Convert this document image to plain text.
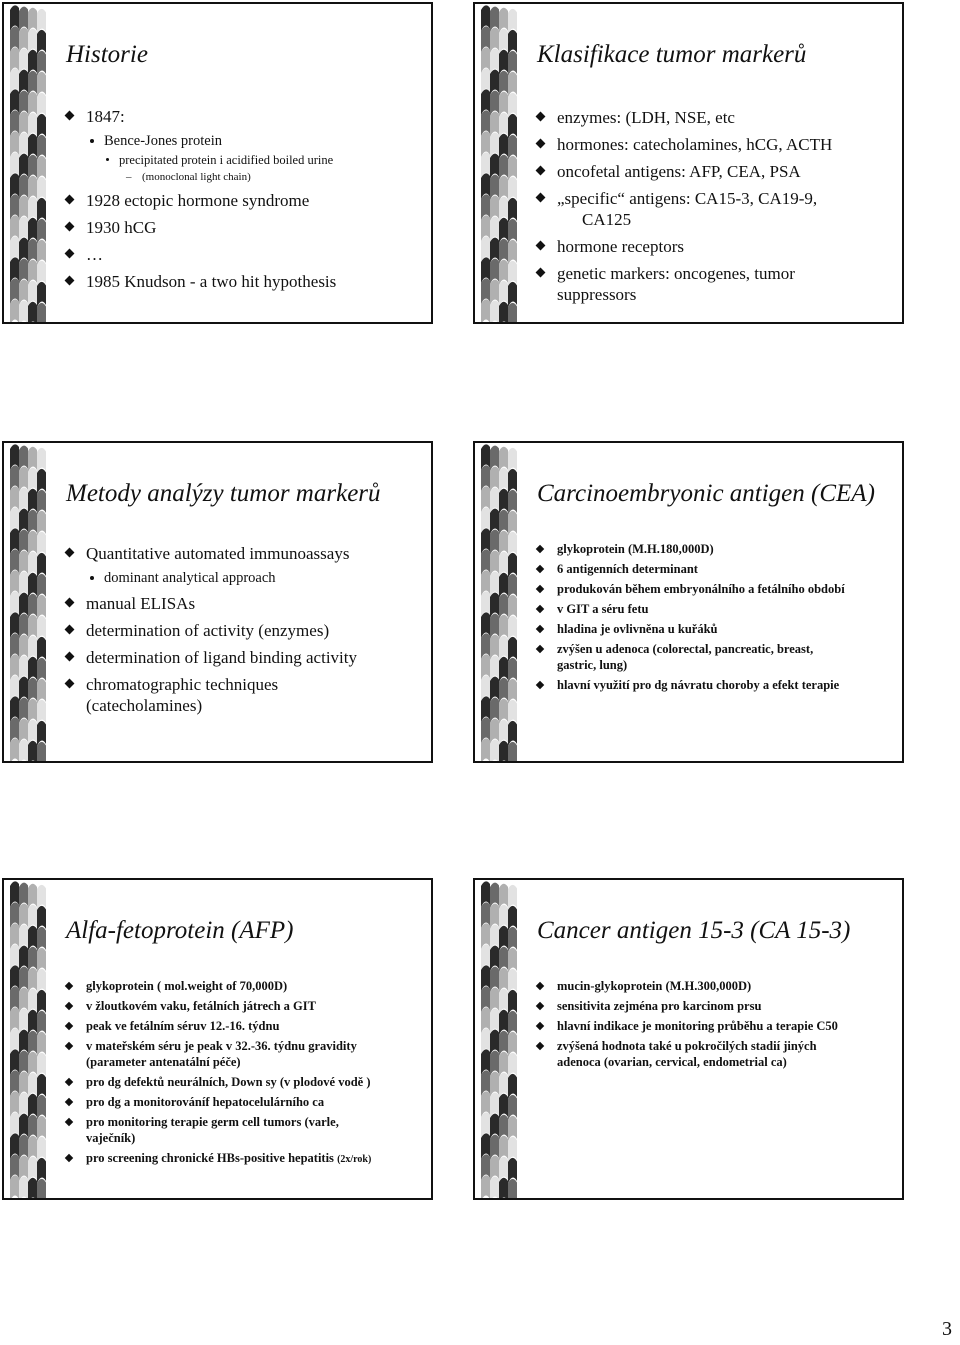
Historie
1847:
Bence-Jones protein
precipitated protein i acidified boiled urine
– (monoclonal light chain)
1928 ectopic hormone syndrome
1930 hCG
…
1985 Knudson - a two hit hypothesis
Klasifikace tumor markerů
enzymes: (LDH, NSE, etc
hormones: catecholamines, hCG, ACTH
oncofetal antigens: AFP, CEA, PSA
„specific“ antigens: CA15-3, CA19-9,
CA125
hormone receptors
genetic markers: oncogenes, tumor
suppressors
Metody analýzy tumor markerů
Quantitative automated immunoassays
dominant analytical approach
manual ELISAs
determination of activity (enzymes)
determination of ligand binding activity
chromatographic techniques
(catecholamines)
Carcinoembryonic antigen (CEA)
glykoprotein (M.H.180,000D)
6 antigenních determinant
produkován během embryonálního a fetálního období
v GIT a séru fetu
hladina je ovlivněna u kuřáků
zvýšen u adenoca (colorectal, pancreatic, breast,
gastric, lung)
hlavní využití pro dg návratu choroby a efekt terapie
Alfa-fetoprotein (AFP)
glykoprotein ( mol.weight of 70,000D)
v žloutkovém vaku, fetálních játrech a GIT
peak ve fetálním séruv 12.-16. týdnu
v mateřském séru je peak v 32.-36. týdnu gravidity
(parameter antenatální péče)
pro dg defektů neurálních, Down sy (v plodové vodě )
pro dg a monitorováníf hepatocelulárního ca
pro monitoring terapie germ cell tumors (varle,
vaječník)
pro screening chronické HBs-positive hepatitis (2x/rok)
Cancer antigen 15-3 (CA 15-3)
mucin-glykoprotein (M.H.300,000D)
sensitivita zejména pro karcinom prsu
hlavní indikace je monitoring průběhu a terapie C50
zvýšená hodnota také u pokročilých stadií jiných
adenoca (ovarian, cervical, endometrial ca)
3
